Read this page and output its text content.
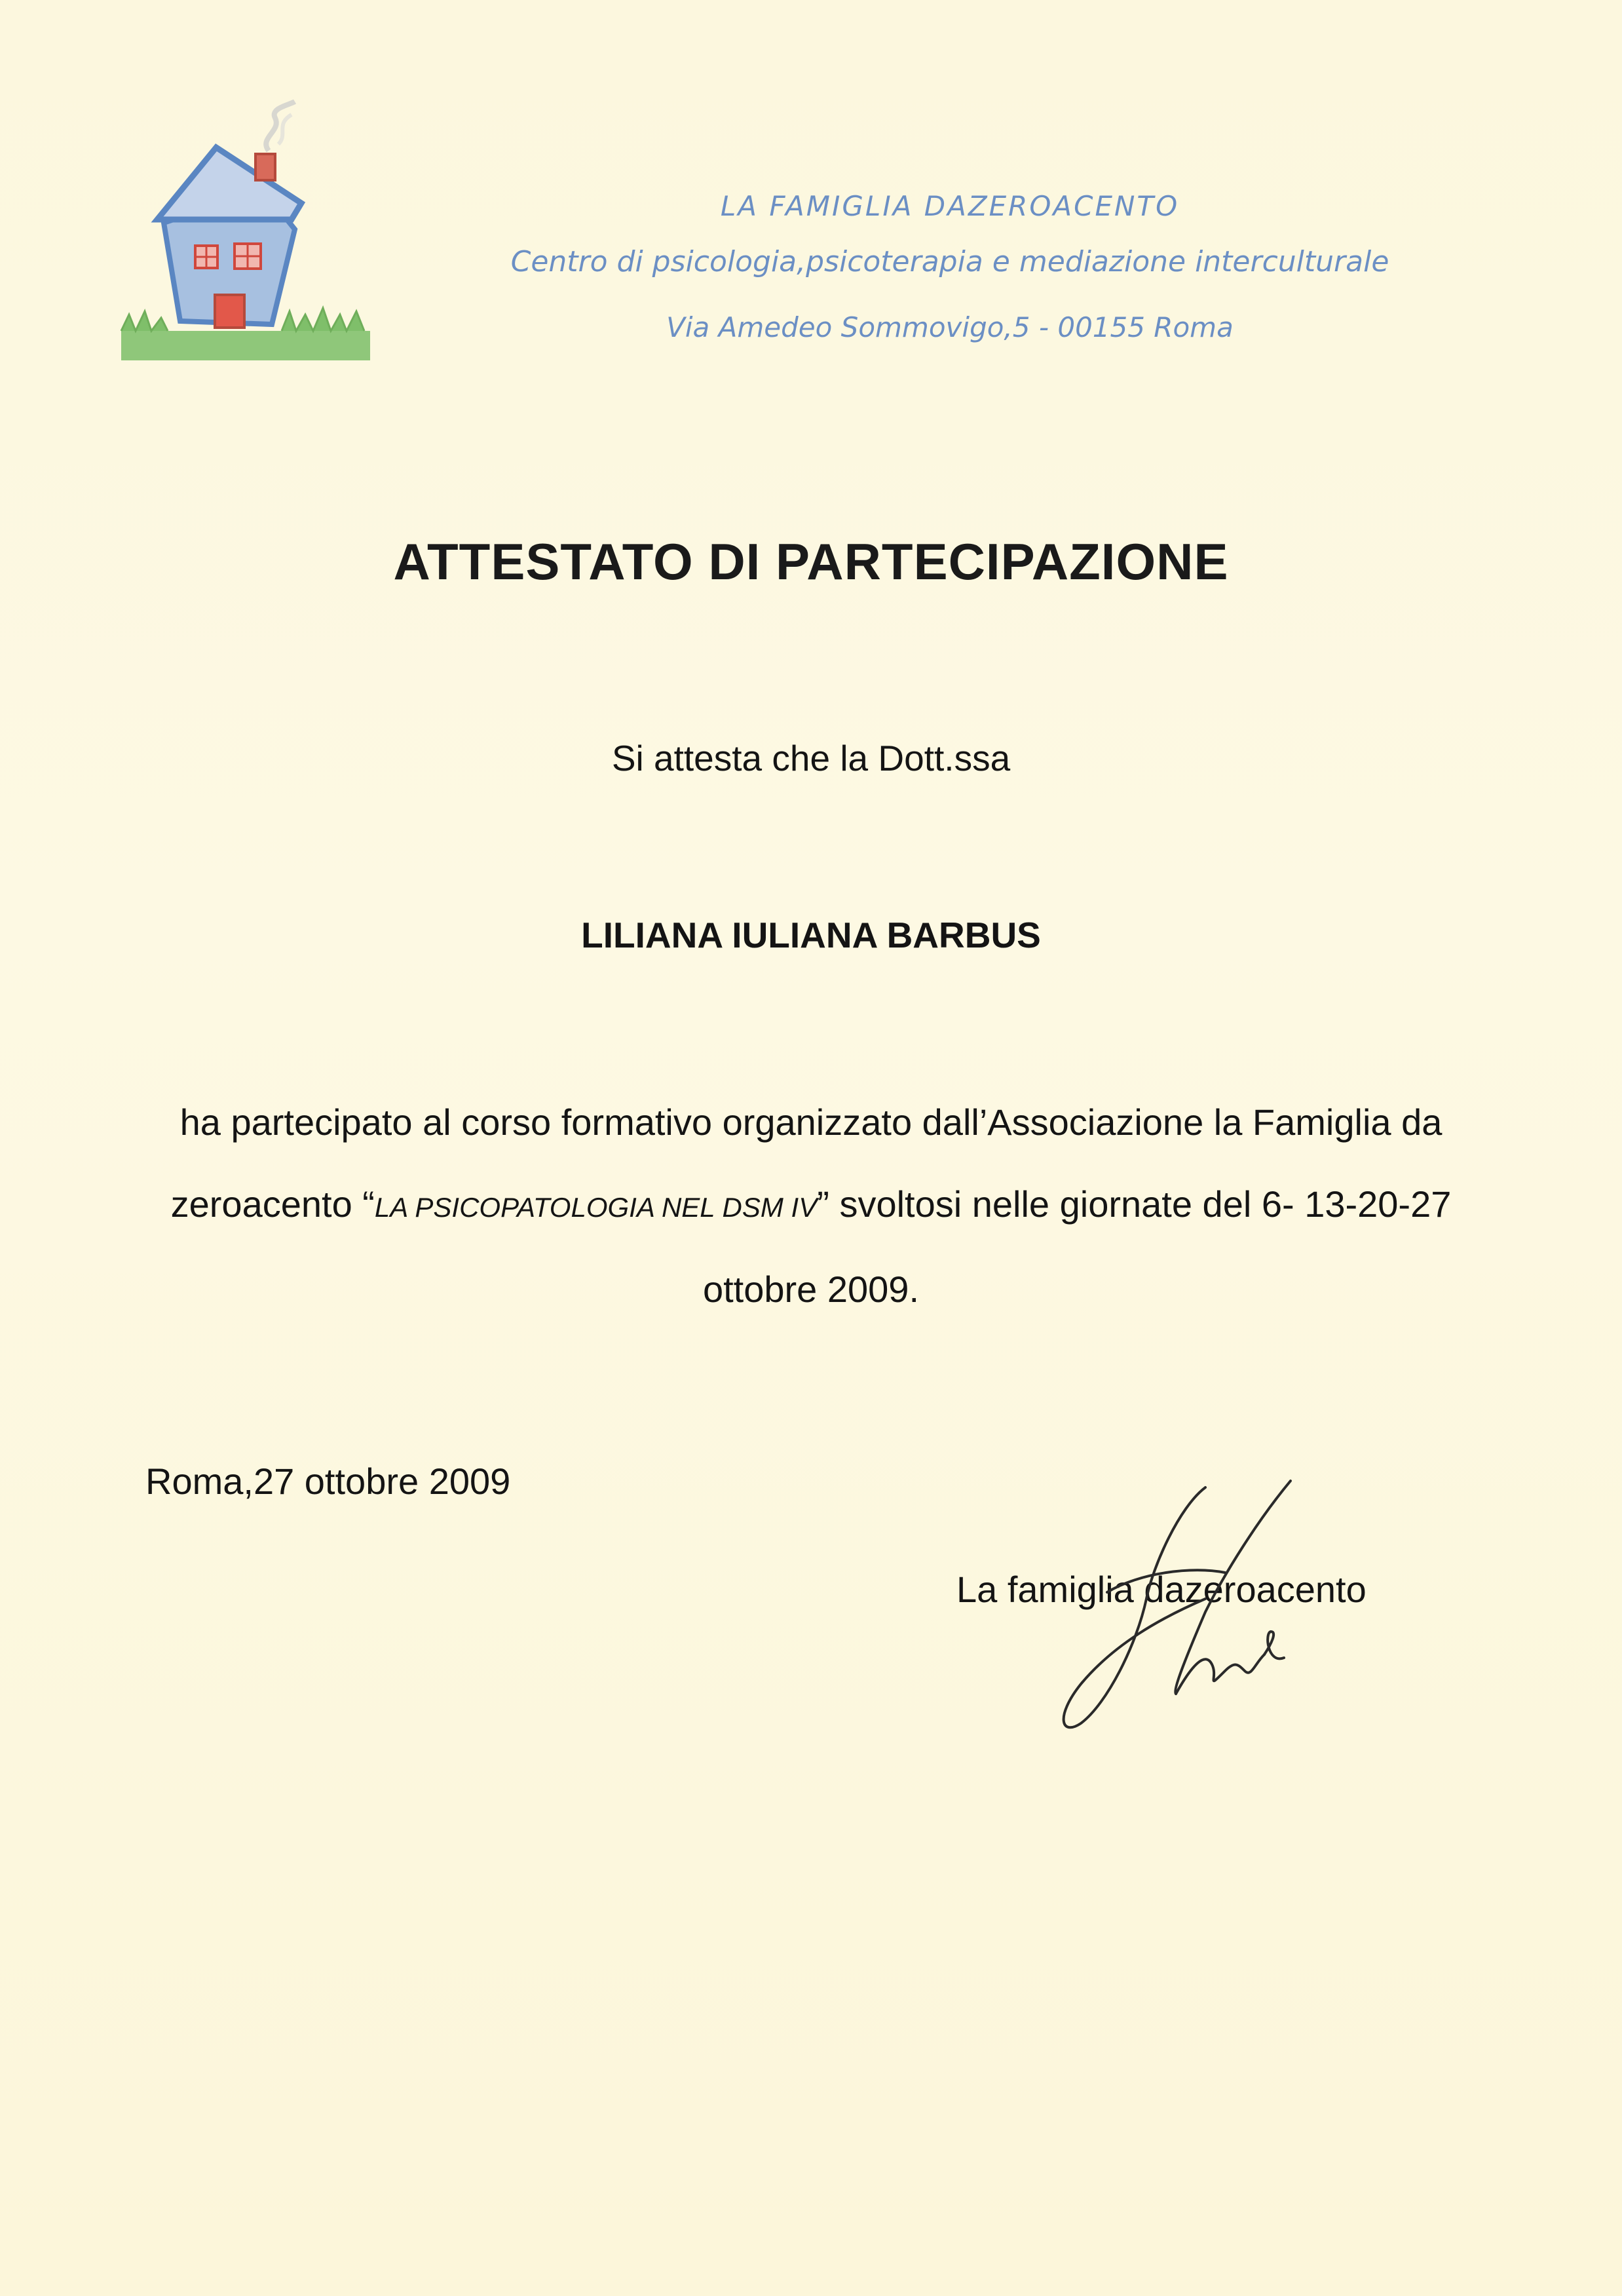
LA FAMIGLIA DAZEROACENTO
Centro di psicologia,psicoterapia e mediazione interculturale
Via Amedeo Sommovigo,5 - 00155 Roma
ATTESTATO DI PARTECIPAZIONE
Si attesta che la Dott.ssa
LILIANA IULIANA BARBUS
ha partecipato al corso formativo organizzato dall’Associazione la Famiglia da zeroacento “LA PSICOPATOLOGIA NEL DSM IV” svoltosi nelle giornate del 6- 13-20-27 ottobre 2009.
Roma,27 ottobre 2009
La famiglia dazeroacento
